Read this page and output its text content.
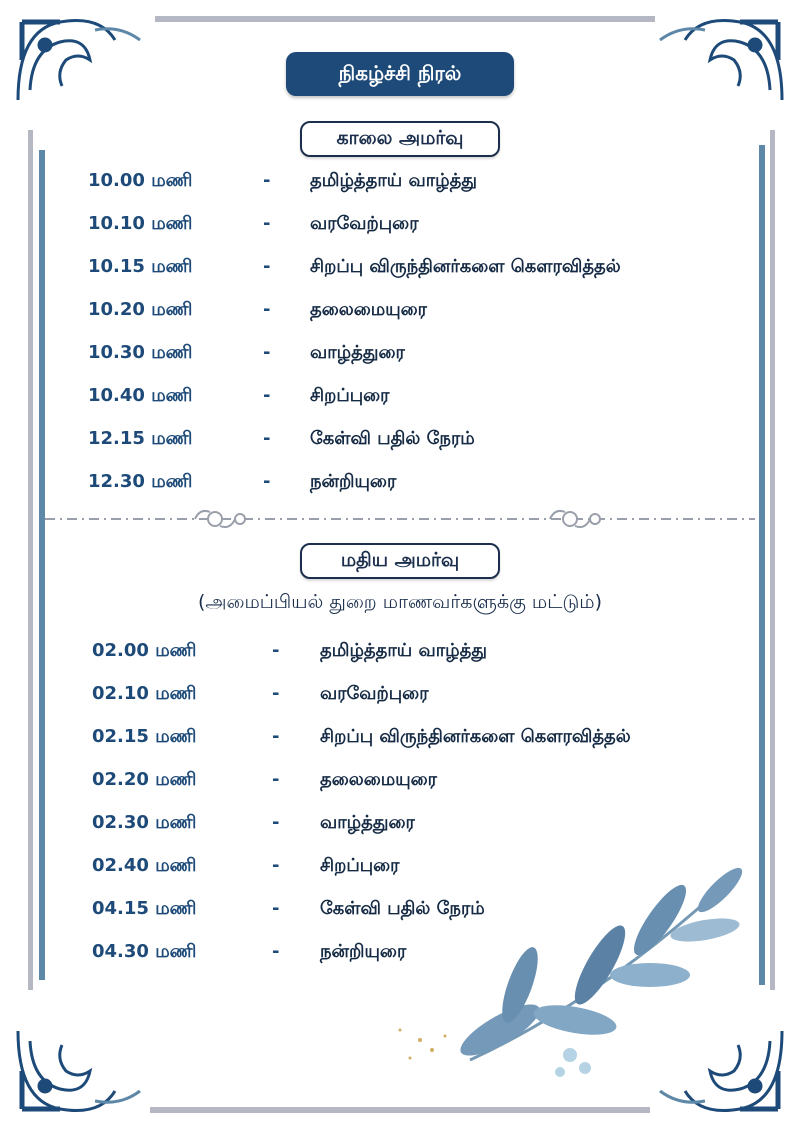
நிகழ்ச்சி நிரல்
காலை அமர்வு
10.00 மணி	- தமிழ்த்தாய் வாழ்த்து
10.10 மணி	- வரவேற்புரை
10.15 மணி	- சிறப்பு விருந்தினர்களை கௌரவித்தல்
10.20 மணி	- தலைமையுரை
10.30 மணி	- வாழ்த்துரை
10.40 மணி	- சிறப்புரை
12.15 மணி	- கேள்வி பதில் நேரம்
12.30 மணி	- நன்றியுரை
மதிய அமர்வு
(அமைப்பியல் துறை மாணவர்களுக்கு மட்டும்)
02.00 மணி	- தமிழ்த்தாய் வாழ்த்து
02.10 மணி	- வரவேற்புரை
02.15 மணி	- சிறப்பு விருந்தினர்களை கௌரவித்தல்
02.20 மணி	- தலைமையுரை
02.30 மணி	- வாழ்த்துரை
02.40 மணி	- சிறப்புரை
04.15 மணி	- கேள்வி பதில் நேரம்
04.30 மணி	- நன்றியுரை
